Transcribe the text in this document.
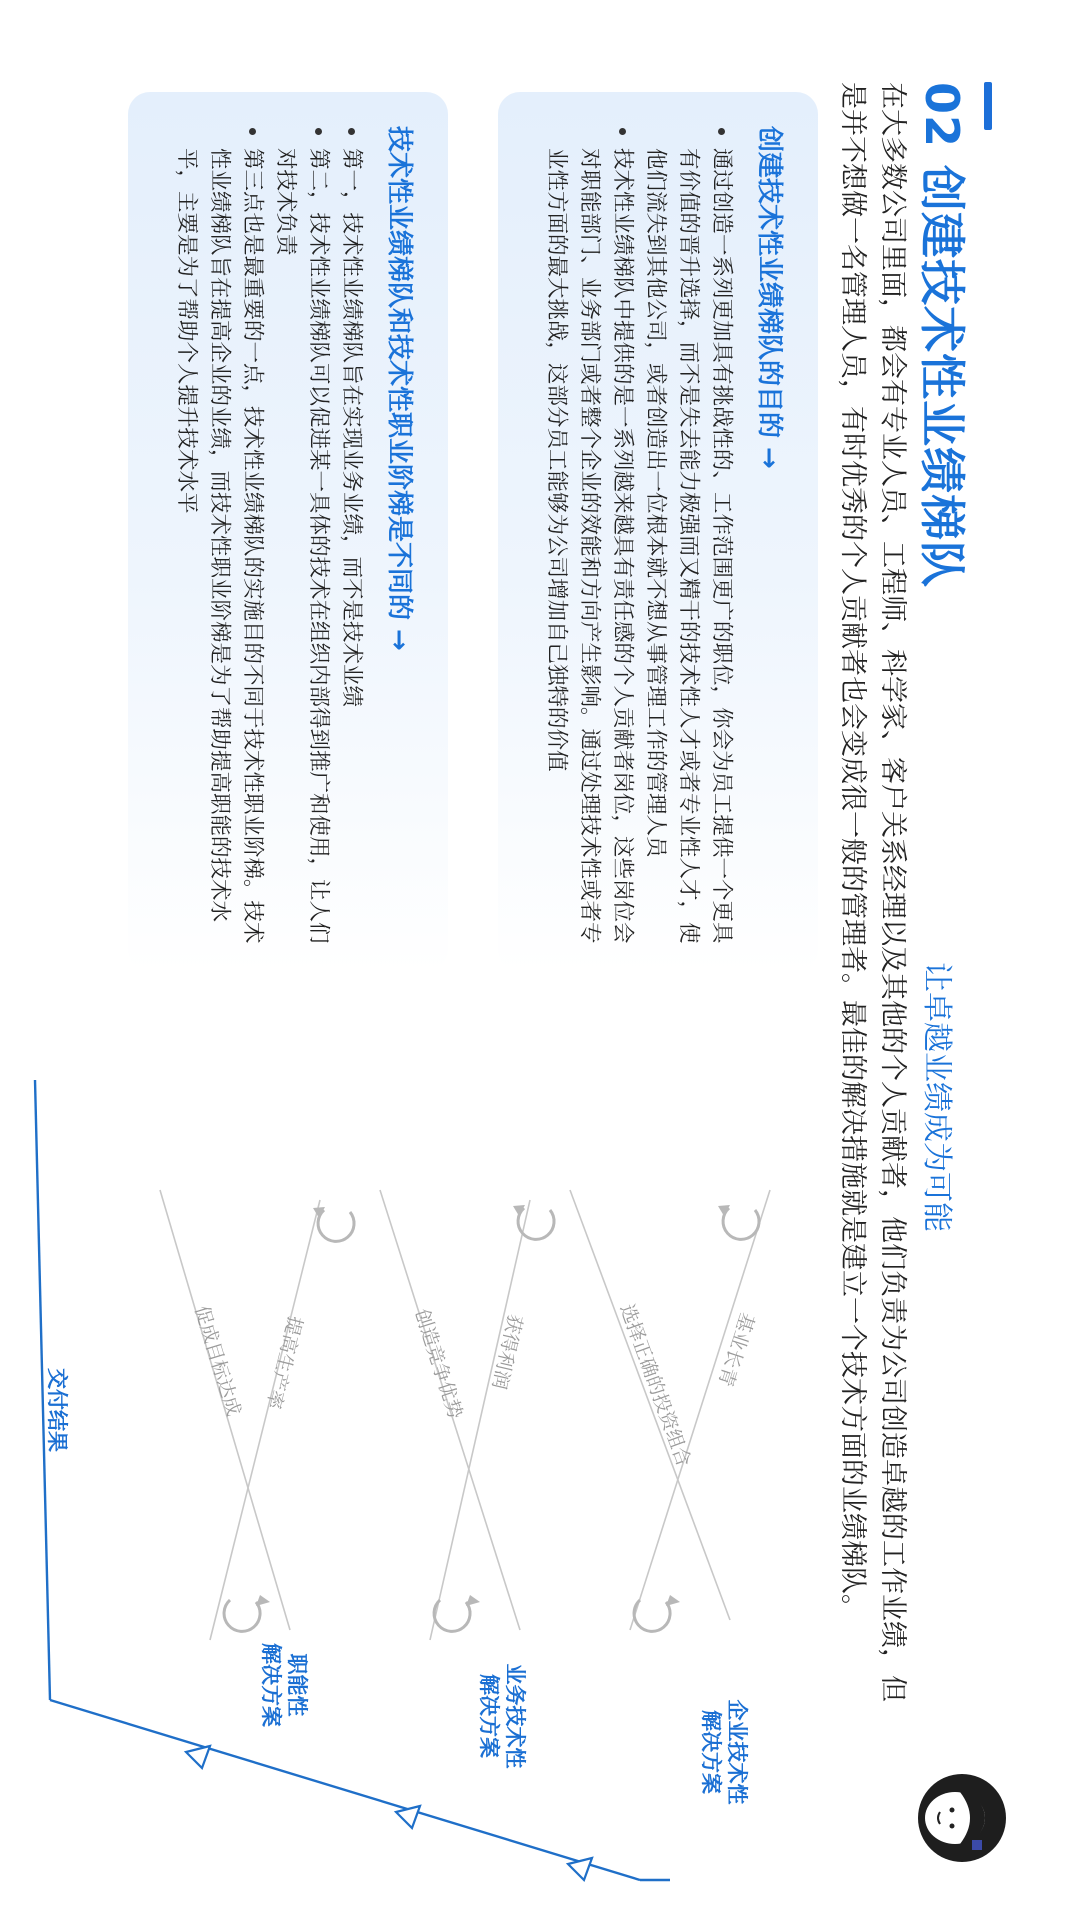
02 创建技术性业绩梯队
让卓越业绩成为可能
在大多数公司里面，都会有专业人员、工程师、科学家、客户关系经理以及其他的个人贡献者，他们负责为公司创造卓越的工作业绩，但是并不想做一名管理人员，有时优秀的个人贡献者也会变成很一般的管理者。最佳的解决措施就是建立一个技术方面的业绩梯队。
创建技术性业绩梯队的目的 →
通过创造一系列更加具有挑战性的、工作范围更广的职位，你会为员工提供一个更具有价值的晋升选择，而不是失去能力极强而又精干的技术性人才或者专业性人才，使他们流失到其他公司，或者创造出一位根本就不想从事管理工作的管理人员
技术性业绩梯队中提供的是一系列越来越具有责任感的个人贡献者岗位，这些岗位会对职能部门、业务部门或者整个企业的效能和方向产生影响。通过处理技术性或者专业性方面的最大挑战，这部分员工能够为公司增加自己独特的价值
技术性业绩梯队和技术性职业阶梯是不同的 →
第一，技术性业绩梯队旨在实现业务业绩，而不是技术业绩
第二，技术性业绩梯队可以促进某一具体的技术在组织内部得到推广和使用，让人们对技术负责
第三点也是最重要的一点，技术性业绩梯队的实施目的不同于技术性职业阶梯。技术性业绩梯队旨在提高企业的业绩，而技术性职业阶梯是为了帮助提高职能的技术水平，主要是为了帮助个人提升技术水平
基业长青
选择正确的投资组合
获得利润
创造竞争优势
提高生产率
促成目标达成
企业技术性
解决方案
业务技术性
解决方案
职能性
解决方案
交付结果
